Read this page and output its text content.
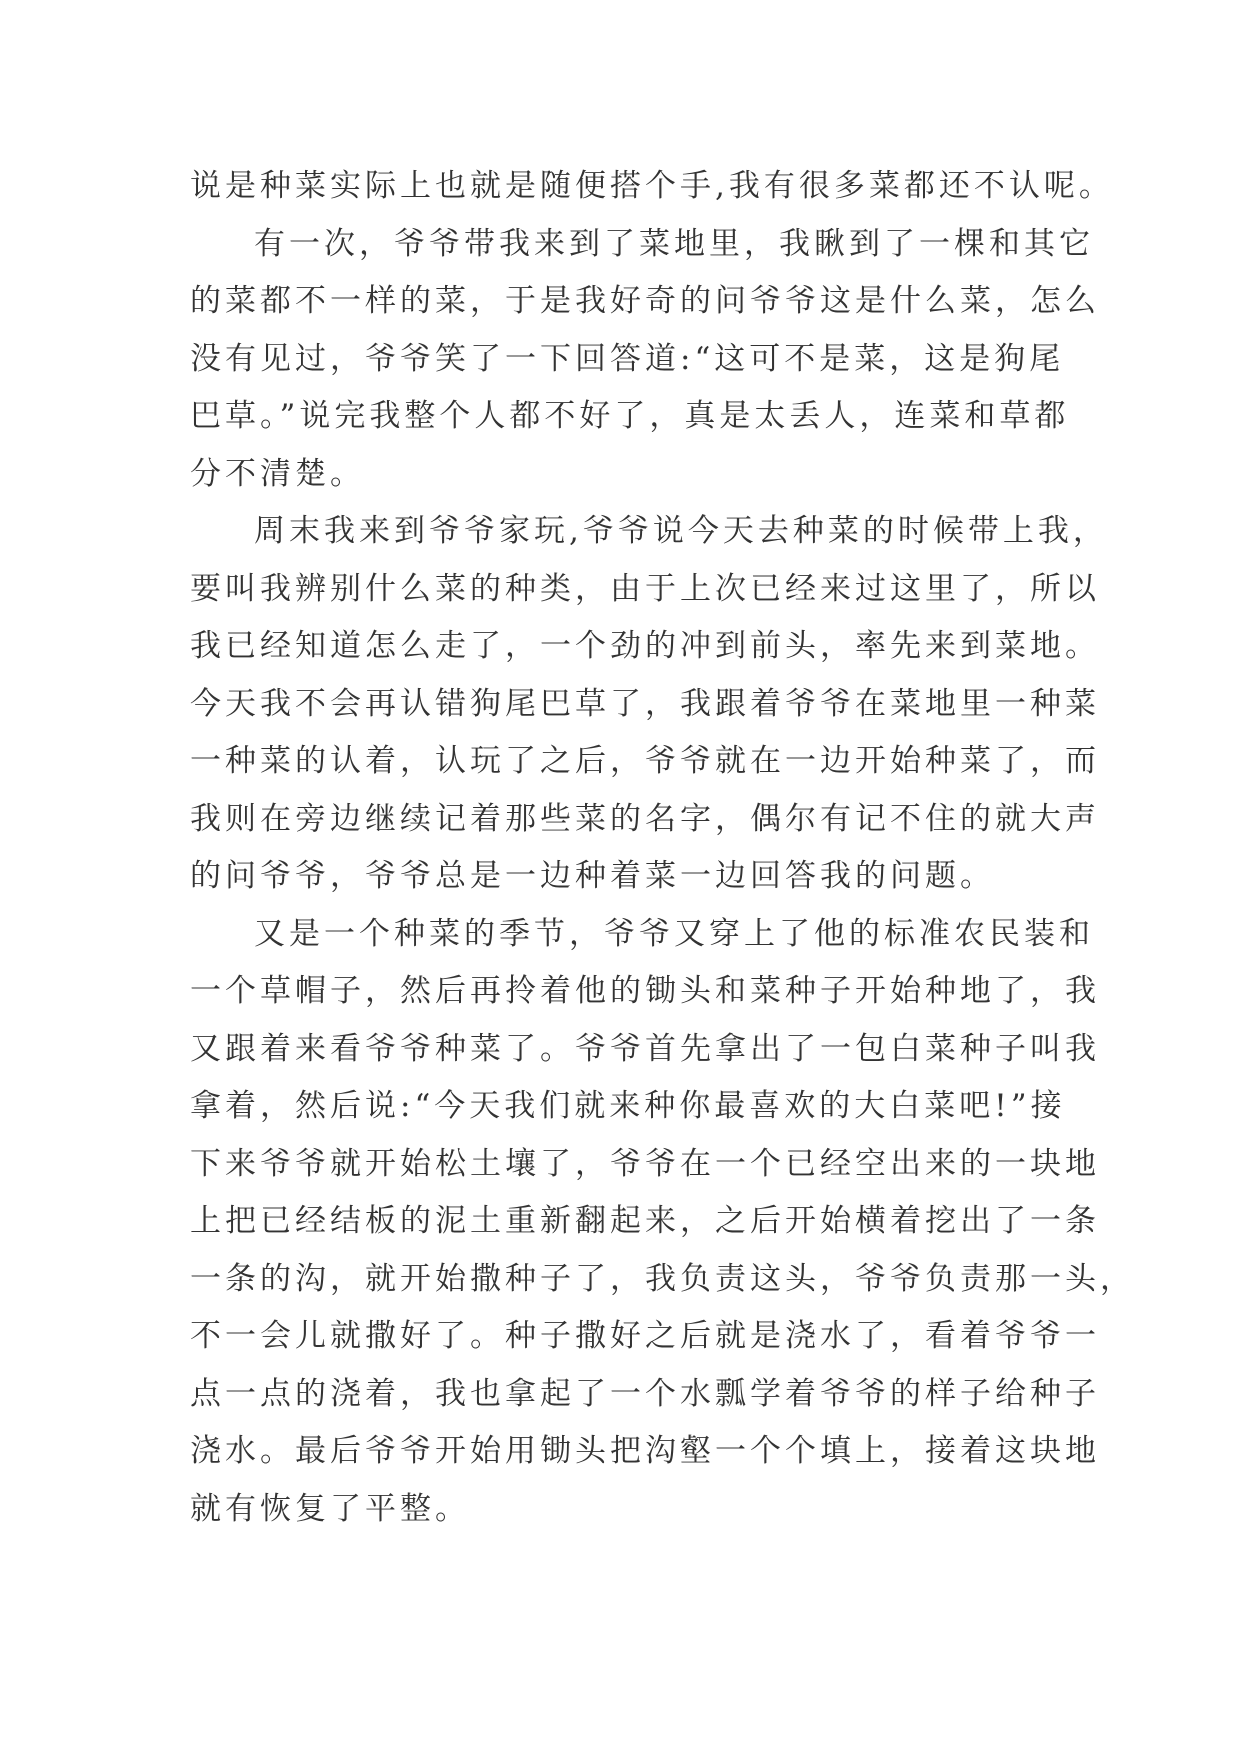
说是种菜实际上也就是随便搭个手,我有很多菜都还不认呢。
有一次，爷爷带我来到了菜地里，我瞅到了一棵和其它
的菜都不一样的菜，于是我好奇的问爷爷这是什么菜，怎么
没有见过，爷爷笑了一下回答道:“这可不是菜，这是狗尾
巴草。”说完我整个人都不好了，真是太丢人，连菜和草都
分不清楚。
周末我来到爷爷家玩,爷爷说今天去种菜的时候带上我，
要叫我辨别什么菜的种类，由于上次已经来过这里了，所以
我已经知道怎么走了，一个劲的冲到前头，率先来到菜地。
今天我不会再认错狗尾巴草了，我跟着爷爷在菜地里一种菜
一种菜的认着，认玩了之后，爷爷就在一边开始种菜了，而
我则在旁边继续记着那些菜的名字，偶尔有记不住的就大声
的问爷爷，爷爷总是一边种着菜一边回答我的问题。
又是一个种菜的季节，爷爷又穿上了他的标准农民装和
一个草帽子，然后再拎着他的锄头和菜种子开始种地了，我
又跟着来看爷爷种菜了。爷爷首先拿出了一包白菜种子叫我
拿着，然后说:“今天我们就来种你最喜欢的大白菜吧!”接
下来爷爷就开始松土壤了，爷爷在一个已经空出来的一块地
上把已经结板的泥土重新翻起来，之后开始横着挖出了一条
一条的沟，就开始撒种子了，我负责这头，爷爷负责那一头，
不一会儿就撒好了。种子撒好之后就是浇水了，看着爷爷一
点一点的浇着，我也拿起了一个水瓢学着爷爷的样子给种子
浇水。最后爷爷开始用锄头把沟壑一个个填上，接着这块地
就有恢复了平整。
